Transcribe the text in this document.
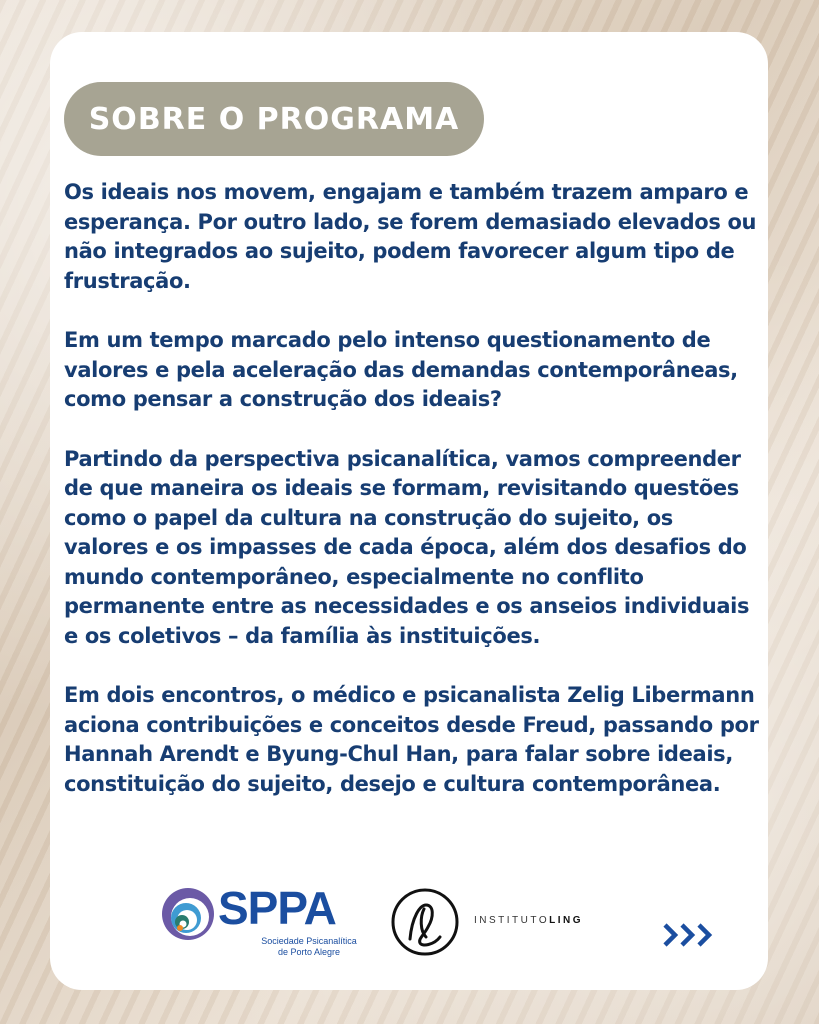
SOBRE O PROGRAMA

Os ideais nos movem, engajam e também trazem amparo e esperança. Por outro lado, se forem demasiado elevados ou não integrados ao sujeito, podem favorecer algum tipo de frustração.

Em um tempo marcado pelo intenso questionamento de valores e pela aceleração das demandas contemporâneas, como pensar a construção dos ideais?

Partindo da perspectiva psicanalítica, vamos compreender de que maneira os ideais se formam, revisitando questões como o papel da cultura na construção do sujeito, os valores e os impasses de cada época, além dos desafios do mundo contemporâneo, especialmente no conflito permanente entre as necessidades e os anseios individuais e os coletivos – da família às instituições.

Em dois encontros, o médico e psicanalista Zelig Libermann aciona contribuições e conceitos desde Freud, passando por Hannah Arendt e Byung-Chul Han, para falar sobre ideais, constituição do sujeito, desejo e cultura contemporânea.

SPPA
Sociedade Psicanalítica
de Porto Alegre
INSTITUTOLING
